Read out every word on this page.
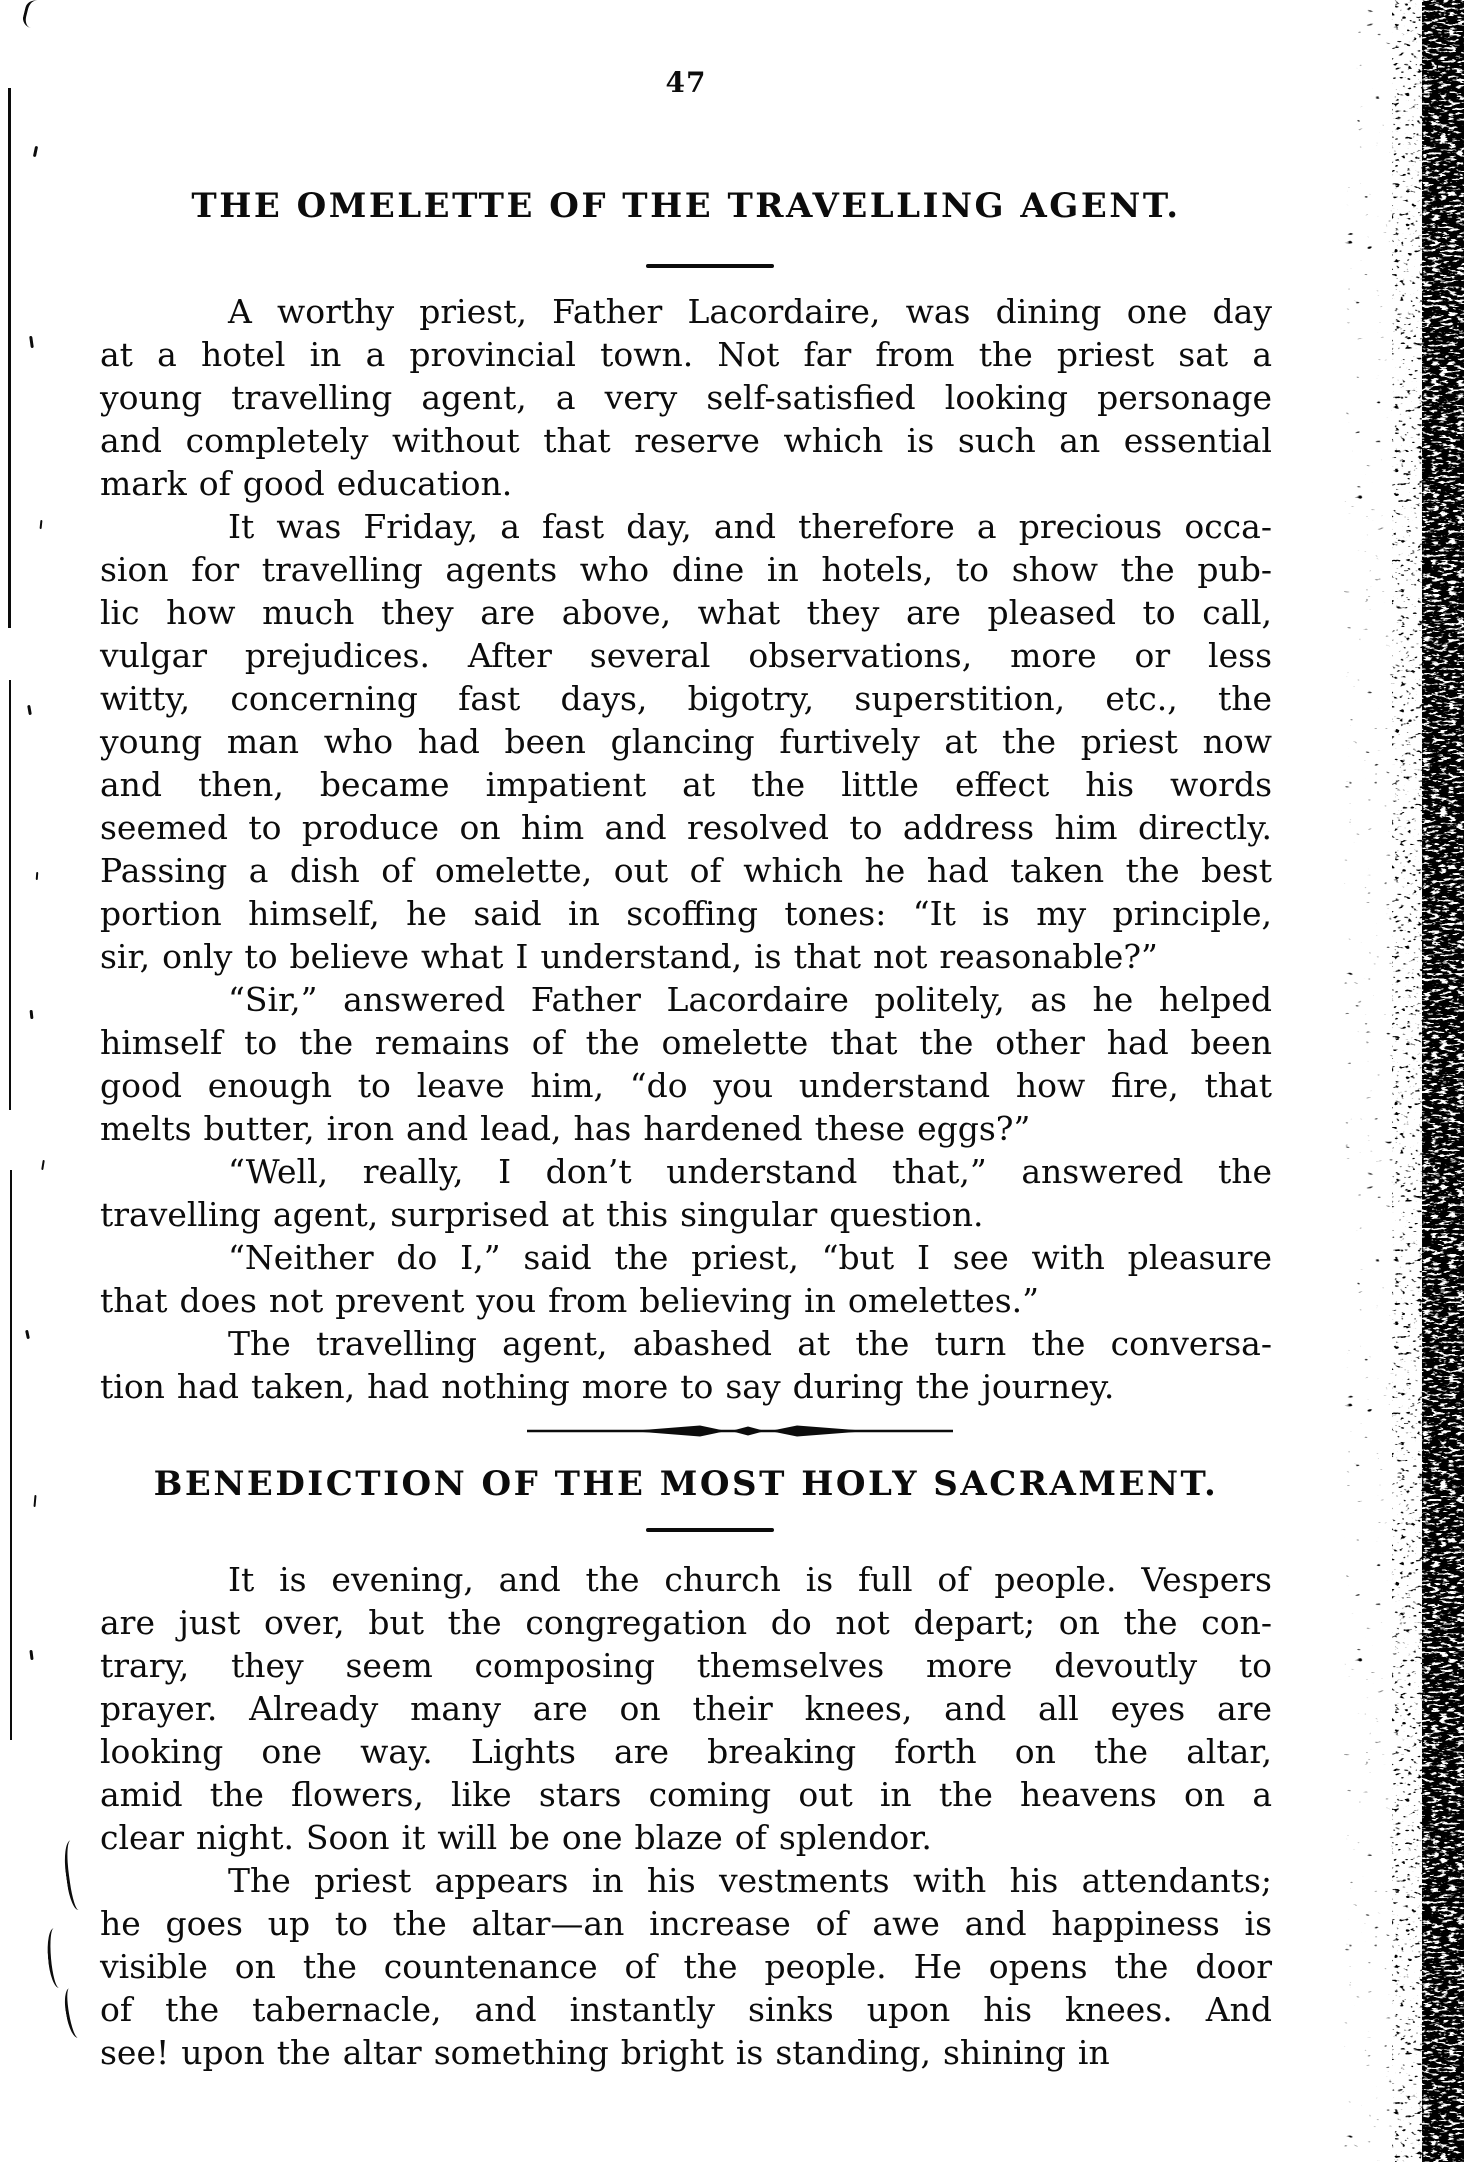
47
THE OMELETTE OF THE TRAVELLING AGENT.
A worthy priest, Father Lacordaire, was dining one day
at a hotel in a provincial town. Not far from the priest sat a
young travelling agent, a very self-satisfied looking personage
and completely without that reserve which is such an essential
mark of good education.
It was Friday, a fast day, and therefore a precious occa-
sion for travelling agents who dine in hotels, to show the pub-
lic how much they are above, what they are pleased to call,
vulgar prejudices. After several observations, more or less
witty, concerning fast days, bigotry, superstition, etc., the
young man who had been glancing furtively at the priest now
and then, became impatient at the little effect his words
seemed to produce on him and resolved to address him directly.
Passing a dish of omelette, out of which he had taken the best
portion himself, he said in scoffing tones: “It is my principle,
sir, only to believe what I understand, is that not reasonable?”
“Sir,” answered Father Lacordaire politely, as he helped
himself to the remains of the omelette that the other had been
good enough to leave him, “do you understand how fire, that
melts butter, iron and lead, has hardened these eggs?”
“Well, really, I don’t understand that,” answered the
travelling agent, surprised at this singular question.
“Neither do I,” said the priest, “but I see with pleasure
that does not prevent you from believing in omelettes.”
The travelling agent, abashed at the turn the conversa-
tion had taken, had nothing more to say during the journey.
BENEDICTION OF THE MOST HOLY SACRAMENT.
It is evening, and the church is full of people. Vespers
are just over, but the congregation do not depart; on the con-
trary, they seem composing themselves more devoutly to
prayer. Already many are on their knees, and all eyes are
looking one way. Lights are breaking forth on the altar,
amid the flowers, like stars coming out in the heavens on a
clear night. Soon it will be one blaze of splendor.
The priest appears in his vestments with his attendants;
he goes up to the altar—an increase of awe and happiness is
visible on the countenance of the people. He opens the door
of the tabernacle, and instantly sinks upon his knees. And
see! upon the altar something bright is standing, shining in
